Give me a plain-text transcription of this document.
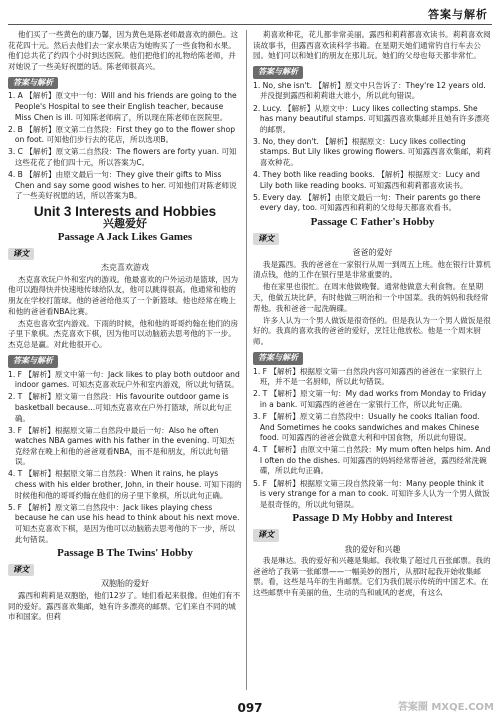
答案与解析

他们买了一些黄色的康乃馨，因为黄色是陈老师最喜欢的颜色。这花花四十元。然后去他们去一家水果店为她购买了一些食物和水果。他们总共花了约四个小时到达医院。他们把他们的礼物给陈老师，并对她说了一些美好祝愿的话。陈老师很高兴。

答案与解析

1. A 【解析】原文中一句：Will and his friends are going to the People's Hospital to see their English teacher, because Miss Chen is ill. 可知陈老师病了，所以现在陈老师在医院里。

2. B 【解析】原文第二自然段：First they go to the flower shop on foot. 可知他们步行去的花店，所以选项B。

3. C 【解析】原文第二自然段：The flowers are forty yuan. 可知这些花花了他们四十元，所以答案为C。

4. B 【解析】由原文最后一句：They give their gifts to Miss Chen and say some good wishes to her. 可知他们对陈老师说了一些美好祝愿的话，所以答案为B。

Unit 3 Interests and Hobbies
兴趣爱好
Passage A Jack Likes Games
译文
杰克喜欢游戏

杰克喜欢玩户外和室内的游戏。他最喜欢的户外运动是篮球，因为他可以跑得快并快速地传球给队友，他可以跳得很高。他通常和他的朋友在学校打篮球。他的爸爸给他买了一个新篮球。他也经常在晚上和他的爸爸看NBA比赛。

杰克也喜欢室内游戏。下雨的时候，他和他的哥哥约翰在他们的房子里下象棋。杰克喜欢下棋，因为他可以动脑筋去思考他的下一步。杰克总是赢。对此他很开心。

答案与解析

1. F 【解析】原文中第一句：Jack likes to play both outdoor and indoor games. 可知杰克喜欢玩户外和室内游戏，所以此句错误。

2. T 【解析】原文第一自然段：His favourite outdoor game is basketball because...可知杰克喜欢在户外打篮球，所以此句正确。

3. F 【解析】根据原文第二自然段中最后一句：Also he often watches NBA games with his father in the evening. 可知杰克经常在晚上和他的爸爸观看NBA，而不是和朋友，所以此句错误。

4. T 【解析】根据原文第二自然段：When it rains, he plays chess with his elder brother, John, in their house. 可知下雨的时候他和他的哥哥约翰在他们的房子里下象棋，所以此句正确。

5. F 【解析】原文第二自然段中：Jack likes playing chess because he can use his head to think about his next move. 可知杰克喜欢下棋，是因为他可以动脑筋去思考他的下一步，所以此句错误。

Passage B The Twins' Hobby
译文
双胞胎的爱好

露西和莉莉是双胞胎，他们12岁了。她们看起来很像。但她们有不同的爱好。露西喜欢集邮，她有许多漂亮的邮票。它们来自不同的城市和国家。但莉

莉喜欢种花，花儿都非常美丽。露西和莉莉都喜欢读书。莉莉喜欢阅读故事书，但露西喜欢读科学书籍。在星期天她们通常钓自行车去公园。她们可以和她们的朋友在那儿玩。她们的父母也每天都非常忙。

答案与解析

1. No, she isn't. 【解析】原文中只告诉了：They're 12 years old. 并没提到露西和莉莉谁大谁小，所以此句错误。

2. Lucy. 【解析】从原文中：Lucy likes collecting stamps. She has many beautiful stamps. 可知露西喜欢集邮并且她有许多漂亮的邮票。

3. No, they don't. 【解析】根据原文：Lucy likes collecting stamps. But Lily likes growing flowers. 可知露西喜欢集邮，莉莉喜欢种花。

4. They both like reading books. 【解析】根据原文：Lucy and Lily both like reading books. 可知露西和莉莉都喜欢读书。

5. Every day. 【解析】由原文最后一句：Their parents go there every day, too. 可知露西和莉莉的父母每天都喜欢看书。

Passage C Father's Hobby
译文
爸爸的爱好

我是露西。我的爸爸在一家银行从周一到周五上班。他在银行计算机清点钱，他的工作在银行里是非常重要的。

他在家里也很忙。在周末他做晚餐。通常他做意大利食物。在星期天，他做五块比萨，有时他做三明治和一个中国菜。我的妈妈和我经常帮他。我和爸爸一起洗碗碟。

许多人认为一个男人做饭是很奇怪的。但是我认为一个男人做饭是很好的。我真的喜欢我的爸爸的爱好，烹饪让他放松。他是一个周末厨师。

答案与解析

1. F 【解析】根据原文第一自然段内容可知露西的爸爸在一家银行上班，并不是一名厨师，所以此句错误。

2. T 【解析】原文第一句：My dad works from Monday to Friday in a bank. 可知露西的爸爸在一家银行工作，所以此句正确。

3. F 【解析】原文第二自然段中：Usually he cooks Italian food. And Sometimes he cooks sandwiches and makes Chinese food. 可知露西的爸爸会做意大利和中国食物，所以此句错误。

4. T 【解析】由原文中第二自然段：My mum often helps him. And I often do the dishes. 可知露西的妈妈经常帮爸爸，露西经常洗碗碟，所以此句正确。

5. F 【解析】根据原文第三段自然段第一句：Many people think it is very strange for a man to cook. 可知许多人认为一个男人做饭是很奇怪的，所以此句错误。

Passage D My Hobby and Interest
译文
我的爱好和兴趣

我是琳达。我的爱好和兴趣是集邮。我收集了超过几百张邮票。我的爸爸给了我第一张邮票——一幅美妙的图片，从那时起我开始收集邮票。看，这些是马年的生肖邮票。它们为我们展示传统的中国艺术。在这些邮票中有美丽的鱼、生动的鸟和戚风的老虎，有这么

097	答案圈 MXQE.COM
